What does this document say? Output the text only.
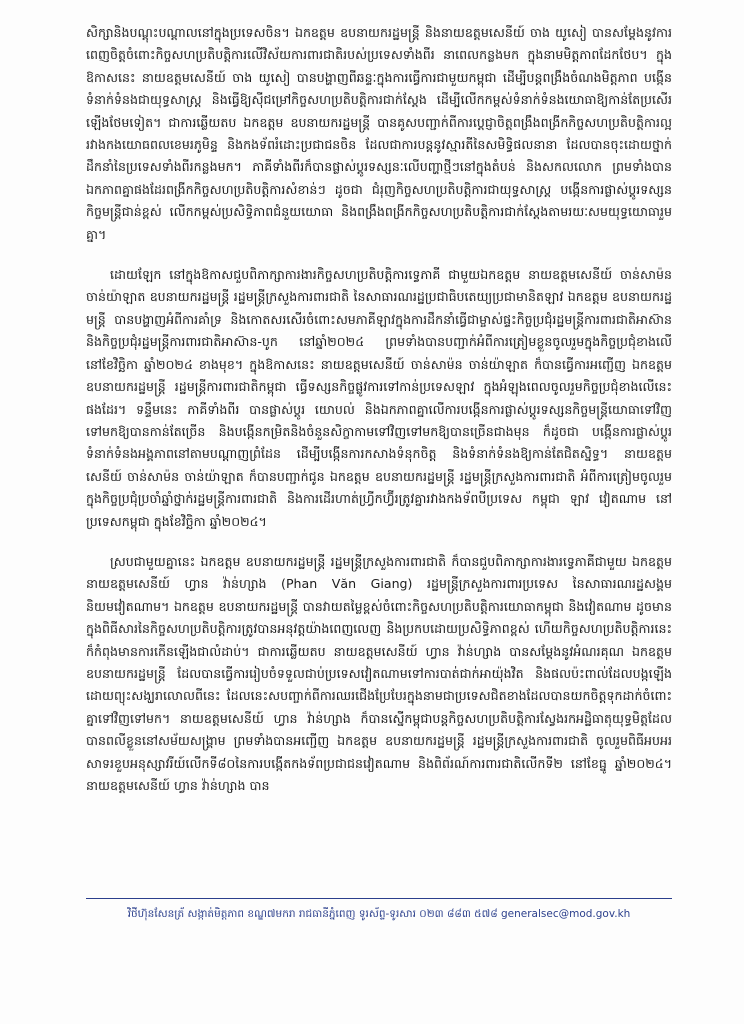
សិក្សានិងបណ្ដុះបណ្ដាលនៅក្នុងប្រទេសចិន។ ឯកឧត្តម ឧបនាយករដ្ឋមន្ត្រី និងនាយឧត្តមសេនីយ៍ ចាង យូសៀ បានសម្ដែងនូវការពេញចិត្តចំពោះកិច្ចសហប្រតិបត្តិការលើវិស័យការពារជាតិរបស់ប្រទេសទាំងពីរ នាពេលកន្លងមក ក្នុងនាមមិត្តភាពដែកថែប។ ក្នុងឱកាសនេះ នាយឧត្តមសេនីយ៍ ចាង យូសៀ បានបង្ហាញពីឆន្ទៈក្នុងការធ្វើការជាមួយកម្ពុជា ដើម្បីបន្តពង្រឹងចំណងមិត្តភាព បង្កើនទំនាក់ទំនងជាយុទ្ធសាស្ត្រ និងធ្វើឱ្យស៊ីជម្រៅកិច្ចសហប្រតិបត្តិការជាក់ស្ដែង ដើម្បីលើកកម្ពស់ទំនាក់ទំនងយោធាឱ្យកាន់តែប្រសើរឡើងថែមទៀត។ ជាការឆ្លើយតប ឯកឧត្តម ឧបនាយករដ្ឋមន្ត្រី បានគូសបញ្ជាក់ពីការប្ដេជ្ញាចិត្តពង្រឹងពង្រីកកិច្ចសហប្រតិបត្តិការល្អ រវាងកងយោធពលខេមរភូមិន្ទ និងកងទ័ពរំដោះប្រជាជនចិន ដែលជាការបន្តនូវស្មារតីនៃសមិទ្ធិផលនានា ដែលបានចុះដោយថ្នាក់ដឹកនាំនៃប្រទេសទាំងពីរកន្លងមក។ ភាគីទាំងពីរក៏បានផ្លាស់ប្ដូរទស្សនៈលើបញ្ហាថ្មីៗនៅក្នុងតំបន់ និងសកលលោក ព្រមទាំងបានឯកភាពគ្នាផងដែរពង្រីកកិច្ចសហប្រតិបត្តិការសំខាន់ៗ ដូចជា ជំរុញកិច្ចសហប្រតិបត្តិការជាយុទ្ធសាស្ត្រ បង្កើនការផ្លាស់ប្ដូរទស្សនកិច្ចមន្ត្រីជាន់ខ្ពស់ លើកកម្ពស់ប្រសិទ្ធិភាពជំនួយយោធា និងពង្រឹងពង្រីកកិច្ចសហប្រតិបត្តិការជាក់ស្ដែងតាមរយៈសមយុទ្ធយោធារួមគ្នា។

ដោយឡែក នៅក្នុងឱកាសជួបពិភាក្សាការងារកិច្ចសហប្រតិបត្តិការទ្វេភាគី ជាមួយឯកឧត្តម នាយឧត្តមសេនីយ៍ ចាន់សាម៉ន ចាន់យ៉ាឡាត ឧបនាយករដ្ឋមន្ត្រី រដ្ឋមន្ត្រីក្រសួងការពារជាតិ នៃសាធារណរដ្ឋប្រជាធិបតេយ្យប្រជាមានិតឡាវ ឯកឧត្តម ឧបនាយករដ្ឋមន្ត្រី បានបង្ហាញអំពីការគាំទ្រ និងកោតសរសើរចំពោះសមភាគីឡាវក្នុងការដឹកនាំធ្វើជាម្ចាស់ផ្ទះកិច្ចប្រជុំរដ្ឋមន្ត្រីការពារជាតិអាស៊ាន និងកិច្ចប្រជុំរដ្ឋមន្ត្រីការពារជាតិអាស៊ាន-បូក នៅឆ្នាំ២០២៤ ព្រមទាំងបានបញ្ជាក់អំពីការត្រៀមខ្លួនចូលរួមក្នុងកិច្ចប្រជុំខាងលើ នៅខែវិច្ឆិកា ឆ្នាំ២០២៤ ខាងមុខ។ ក្នុងឱកាសនេះ នាយឧត្តមសេនីយ៍ ចាន់សាម៉ន ចាន់យ៉ាឡាត ក៏បានធ្វើការអញ្ជើញ ឯកឧត្តម ឧបនាយករដ្ឋមន្ត្រី រដ្ឋមន្ត្រីការពារជាតិកម្ពុជា ធ្វើទស្សនកិច្ចផ្លូវការទៅកាន់ប្រទេសឡាវ ក្នុងអំឡុងពេលចូលរួមកិច្ចប្រជុំខាងលើនេះ ផងដែរ។ ទន្ទឹមនេះ ភាគីទាំងពីរ បានផ្លាស់ប្ដូរ យោបល់ និងឯកភាពគ្នាលើការបង្កើនការផ្លាស់ប្ដូរទស្សនកិច្ចមន្ត្រីយោធាទៅវិញទៅមកឱ្យបានកាន់តែច្រើន និងបង្កើនកម្រិតនិងចំនួនសិក្ខាកាមទៅវិញទៅមកឱ្យបានច្រើនជាងមុន ក៏ដូចជា បង្កើនការផ្លាស់ប្ដូរទំនាក់ទំនងអង្គភាពនៅតាមបណ្ដាញព្រំដែន ដើម្បីបង្កើនការកសាងទំនុកចិត្ត និងទំនាក់ទំនងឱ្យកាន់តែជិតស្និទ្ធ។ នាយឧត្តមសេនីយ៍ ចាន់សាម៉ន ចាន់យ៉ាឡាត ក៏បានបញ្ជាក់ជូន ឯកឧត្តម ឧបនាយករដ្ឋមន្ត្រី រដ្ឋមន្ត្រីក្រសួងការពារជាតិ អំពីការត្រៀមចូលរួមក្នុងកិច្ចប្រជុំប្រចាំឆ្នាំថ្នាក់រដ្ឋមន្ត្រីការពារជាតិ និងការដើរហាត់ហ្រ្វីកហ្វ៊ីរត្រូវគ្នារវាងកងទ័ពបីប្រទេស កម្ពុជា ឡាវ វៀតណាម នៅប្រទេសកម្ពុជា ក្នុងខែវិច្ឆិកា ឆ្នាំ២០២៤។

ស្របជាមួយគ្នានេះ ឯកឧត្តម ឧបនាយករដ្ឋមន្ត្រី រដ្ឋមន្ត្រីក្រសួងការពារជាតិ ក៏បានជួបពិភាក្សាការងារទ្វេភាគីជាមួយ ឯកឧត្តម នាយឧត្តមសេនីយ៍ ហ្វាន វ៉ាន់ហ្សាង (Phan Văn Giang) រដ្ឋមន្ត្រីក្រសួងការពារប្រទេស នៃសាធារណរដ្ឋសង្គមនិយមវៀតណាម។ ឯកឧត្តម ឧបនាយករដ្ឋមន្ត្រី បានវាយតម្លៃខ្ពស់ចំពោះកិច្ចសហប្រតិបត្តិការយោធាកម្ពុជា និងវៀតណាម ដូចមានក្នុងពិធីសារនៃកិច្ចសហប្រតិបត្តិការត្រូវបានអនុវត្តយ៉ាងពេញលេញ និងប្រកបដោយប្រសិទ្ធិភាពខ្ពស់ ហើយកិច្ចសហប្រតិបត្តិការនេះក៏កំពុងមានការកើនឡើងជាលំដាប់។ ជាការឆ្លើយតប នាយឧត្តមសេនីយ៍ ហ្វាន វ៉ាន់ហ្សាង បានសម្ដែងនូវអំណរគុណ ឯកឧត្តម ឧបនាយករដ្ឋមន្ត្រី ដែលបានធ្វើការរៀបចំទទួលជាប់ប្រទេសវៀតណាមទៅការបាត់ជាក់អាយ៉ុងវិត និងផលប៉ះពាល់ដែលបង្កឡើងដោយព្យុះសង្ឃរាលោលពីនេះ ដែលនេះសបញ្ចាក់ពីការឈរជើងប្រែបែរក្នុងនាមជាប្រទេសជិតខាងដែលបានយកចិត្តទុកដាក់ចំពោះគ្នាទៅវិញទៅមក។ នាយឧត្តមសេនីយ៍ ហ្វាន វ៉ាន់ហ្សាង ក៏បានស្នើកម្ពុជាបន្តកិច្ចសហប្រតិបត្តិការស្វែងរកអដ្ឋិធាតុយុទ្ធមិត្តដែលបានពលីខ្លួននៅសម័យសង្គ្រាម ព្រមទាំងបានអញ្ជើញ ឯកឧត្តម ឧបនាយករដ្ឋមន្ត្រី រដ្ឋមន្ត្រីក្រសួងការពារជាតិ ចូលរួមពិធីអបអរសាទរខួបអនុស្សាវរីយ៍លើកទី៨០នៃការបង្កើតកងទ័ពប្រជាជនវៀតណាម និងពិព័រណ៍ការពារជាតិលើកទី២ នៅខែធ្នូ ឆ្នាំ២០២៤។ នាយឧត្តមសេនីយ៍ ហ្វាន វ៉ាន់ហ្សាង បាន

វិថីហ៊ុនសែនត្រ័ សង្កាត់មិត្តភាព ខណ្ឌ៧មករា រាជធានីភ្នំពេញ ទូរស័ព្ទ-ទូរសារ ០២៣ ៨៨៣ ៥៧៨ generalsec@mod.gov.kh
